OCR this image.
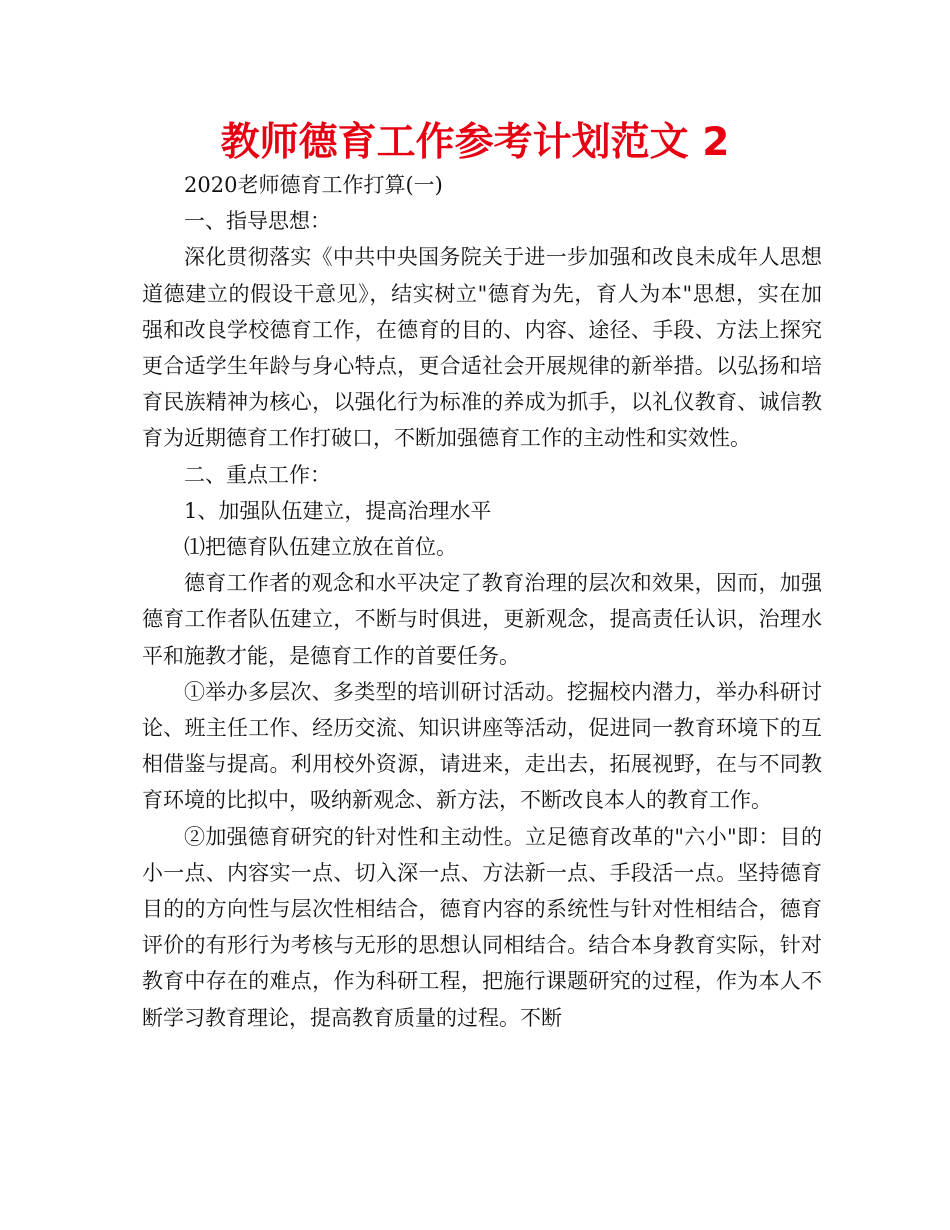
教师德育工作参考计划范文 2

2020老师德育工作打算(一)

一、指导思想：

深化贯彻落实《中共中央国务院关于进一步加强和改良未成年人思想道德建立的假设干意见》，结实树立"德育为先，育人为本"思想，实在加强和改良学校德育工作，在德育的目的、内容、途径、手段、方法上探究更合适学生年龄与身心特点，更合适社会开展规律的新举措。以弘扬和培育民族精神为核心，以强化行为标准的养成为抓手，以礼仪教育、诚信教育为近期德育工作打破口，不断加强德育工作的主动性和实效性。

二、重点工作：

1、加强队伍建立，提高治理水平

⑴把德育队伍建立放在首位。

德育工作者的观念和水平决定了教育治理的层次和效果，因而，加强德育工作者队伍建立，不断与时俱进，更新观念，提高责任认识，治理水平和施教才能，是德育工作的首要任务。

①举办多层次、多类型的培训研讨活动。挖掘校内潜力，举办科研讨论、班主任工作、经历交流、知识讲座等活动，促进同一教育环境下的互相借鉴与提高。利用校外资源，请进来，走出去，拓展视野，在与不同教育环境的比拟中，吸纳新观念、新方法，不断改良本人的教育工作。

②加强德育研究的针对性和主动性。立足德育改革的"六小"即：目的小一点、内容实一点、切入深一点、方法新一点、手段活一点。坚持德育目的的方向性与层次性相结合，德育内容的系统性与针对性相结合，德育评价的有形行为考核与无形的思想认同相结合。结合本身教育实际，针对教育中存在的难点，作为科研工程，把施行课题研究的过程，作为本人不断学习教育理论，提高教育质量的过程。不断
